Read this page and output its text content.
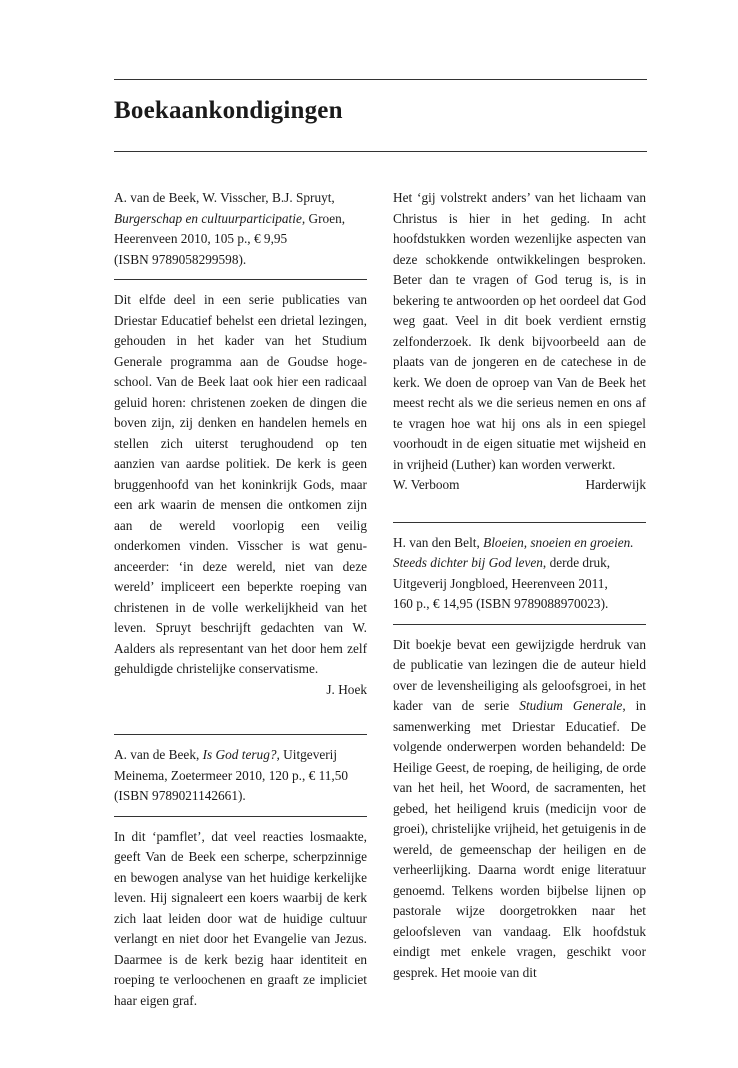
Boekaankondigingen

A. van de Beek, W. Visscher, B.J. Spruyt,

Burgerschap en cultuurparticipatie, Groen,

Heerenveen 2010, 105 p., € 9,95

(ISBN 9789058299598).

Dit elfde deel in een serie publicaties van Driestar Educatief behelst een drietal lezingen, gehouden in het kader van het Studium Generale programma aan de Goudse hogeschool. Van de Beek laat ook hier een radicaal geluid horen: christenen zoeken de dingen die boven zijn, zij denken en handelen hemels en stellen zich uiterst terughoudend op ten aanzien van aardse politiek. De kerk is geen bruggenhoofd van het koninkrijk Gods, maar een ark waarin de mensen die ontkomen zijn aan de wereld voorlopig een veilig onderkomen vinden. Visscher is wat genuanceerder: ‘in deze wereld, niet van deze wereld’ impliceert een beperkte roeping van christenen in de volle werkelijkheid van het leven. Spruyt beschrijft gedachten van W. Aalders als representant van het door hem zelf gehuldigde christelijke conservatisme.

J. Hoek

A. van de Beek, Is God terug?, Uitgeverij

Meinema, Zoetermeer 2010, 120 p., € 11,50

(ISBN 9789021142661).

In dit ‘pamflet’, dat veel reacties losmaakte, geeft Van de Beek een scherpe, scherpzinnige en bewogen analyse van het huidige kerkelijke leven. Hij signaleert een koers waarbij de kerk zich laat leiden door wat de huidige cultuur verlangt en niet door het Evangelie van Jezus. Daarmee is de kerk bezig haar identiteit en roeping te verloochenen en graaft ze impliciet haar eigen graf.

Het ‘gij volstrekt anders’ van het lichaam van Christus is hier in het geding. In acht hoofdstukken worden wezenlijke aspecten van deze schokkende ontwikkelingen besproken. Beter dan te vragen of God terug is, is in bekering te antwoorden op het oordeel dat God weg gaat. Veel in dit boek verdient ernstig zelfonderzoek. Ik denk bijvoorbeeld aan de plaats van de jongeren en de catechese in de kerk. We doen de oproep van Van de Beek het meest recht als we die serieus nemen en ons af te vragen hoe wat hij ons als in een spiegel voorhoudt in de eigen situatie met wijsheid en in vrijheid (Luther) kan worden verwerkt.

W. Verboom	Harderwijk

H. van den Belt, Bloeien, snoeien en groeien. Steeds dichter bij God leven, derde druk,

Uitgeverij Jongbloed, Heerenveen 2011,

160 p., € 14,95 (ISBN 9789088970023).

Dit boekje bevat een gewijzigde herdruk van de publicatie van lezingen die de auteur hield over de levensheiliging als geloofsgroei, in het kader van de serie Studium Generale, in samenwerking met Driestar Educatief. De volgende onderwerpen worden behandeld: De Heilige Geest, de roeping, de heiliging, de orde van het heil, het Woord, de sacramenten, het gebed, het heiligend kruis (medicijn voor de groei), christelijke vrijheid, het getuigenis in de wereld, de gemeenschap der heiligen en de verheerlijking. Daarna wordt enige literatuur genoemd. Telkens worden bijbelse lijnen op pastorale wijze doorgetrokken naar het geloofsleven van vandaag. Elk hoofdstuk eindigt met enkele vragen, geschikt voor gesprek. Het mooie van dit
